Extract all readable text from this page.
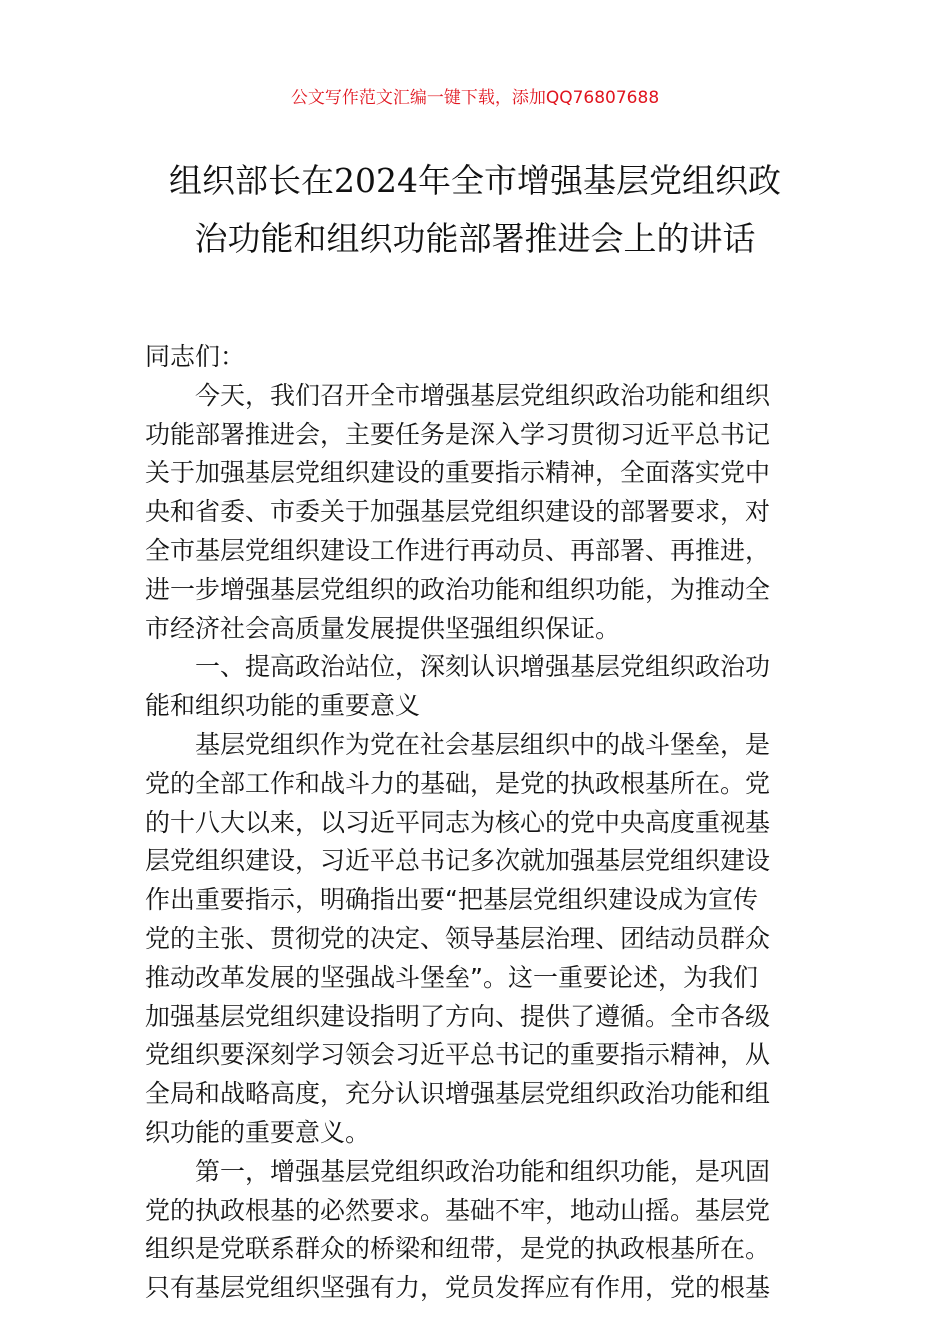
公文写作范文汇编一键下载，添加QQ76807688
组织部长在2024年全市增强基层党组织政
治功能和组织功能部署推进会上的讲话

同志们：

今天，我们召开全市增强基层党组织政治功能和组织
功能部署推进会，主要任务是深入学习贯彻习近平总书记
关于加强基层党组织建设的重要指示精神，全面落实党中
央和省委、市委关于加强基层党组织建设的部署要求，对
全市基层党组织建设工作进行再动员、再部署、再推进，
进一步增强基层党组织的政治功能和组织功能，为推动全
市经济社会高质量发展提供坚强组织保证。

一、提高政治站位，深刻认识增强基层党组织政治功
能和组织功能的重要意义

基层党组织作为党在社会基层组织中的战斗堡垒，是
党的全部工作和战斗力的基础，是党的执政根基所在。党
的十八大以来，以习近平同志为核心的党中央高度重视基
层党组织建设，习近平总书记多次就加强基层党组织建设
作出重要指示，明确指出要“把基层党组织建设成为宣传
党的主张、贯彻党的决定、领导基层治理、团结动员群众
推动改革发展的坚强战斗堡垒”。这一重要论述，为我们
加强基层党组织建设指明了方向、提供了遵循。全市各级
党组织要深刻学习领会习近平总书记的重要指示精神，从
全局和战略高度，充分认识增强基层党组织政治功能和组
织功能的重要意义。

第一，增强基层党组织政治功能和组织功能，是巩固
党的执政根基的必然要求。基础不牢，地动山摇。基层党
组织是党联系群众的桥梁和纽带，是党的执政根基所在。
只有基层党组织坚强有力，党员发挥应有作用，党的根基
